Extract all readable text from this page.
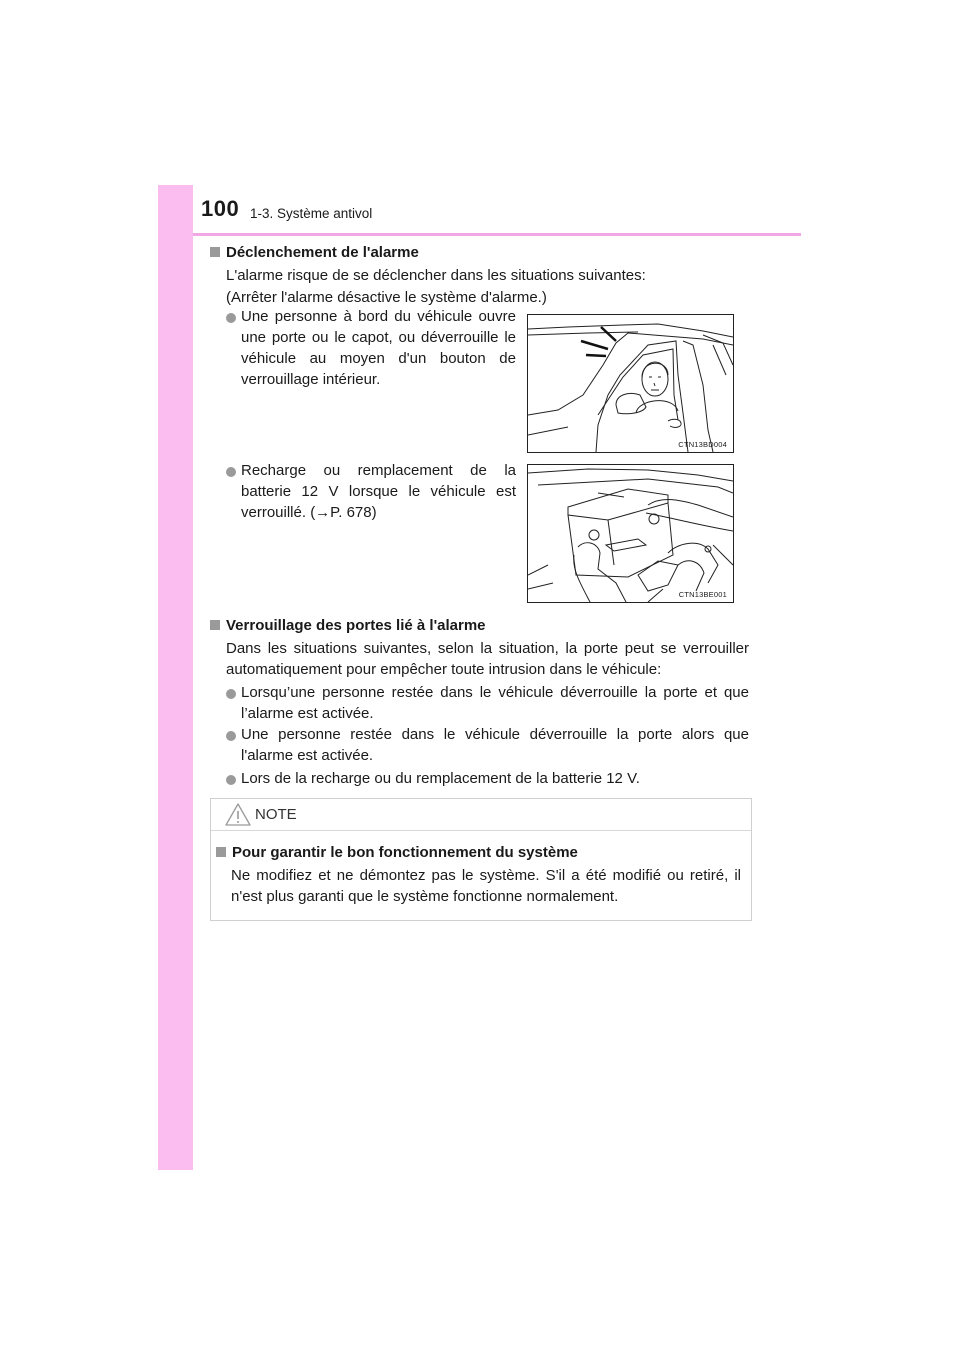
100 1-3. Système antivol
Déclenchement de l'alarme
L'alarme risque de se déclencher dans les situations suivantes:
(Arrêter l'alarme désactive le système d'alarme.)
Une personne à bord du véhicule ouvre une porte ou le capot, ou déverrouille le véhicule au moyen d'un bouton de verrouillage intérieur.
Recharge ou remplacement de la batterie 12 V lorsque le véhicule est verrouillé. (→P. 678)
CTN13BD004
CTN13BE001
Verrouillage des portes lié à l'alarme
Dans les situations suivantes, selon la situation, la porte peut se verrouiller automatiquement pour empêcher toute intrusion dans le véhicule:
Lorsqu’une personne restée dans le véhicule déverrouille la porte et que l’alarme est activée.
Une personne restée dans le véhicule déverrouille la porte alors que l'alarme est activée.
Lors de la recharge ou du remplacement de la batterie 12 V.
NOTE
Pour garantir le bon fonctionnement du système
Ne modifiez et ne démontez pas le système. S'il a été modifié ou retiré, il n'est plus garanti que le système fonctionne normalement.
